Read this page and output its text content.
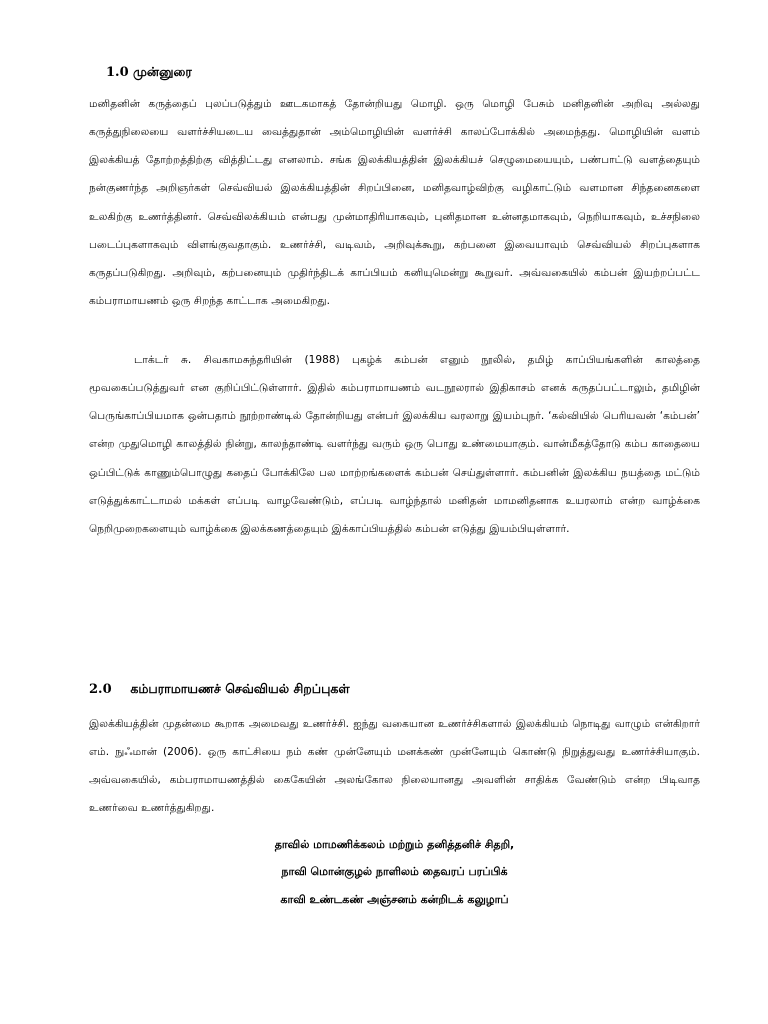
1.0 முன்னுரை

மனிதனின் கருத்தைப் புலப்படுத்தும் ஊடகமாகத் தோன்றியது மொழி. ஒரு மொழி பேசும் மனிதனின் அறிவு அல்லது கருத்துநிலையை வளர்ச்சியடைய வைத்துதான் அம்மொழியின் வளர்ச்சி காலப்போக்கில் அமைந்தது. மொழியின் வளம் இலக்கியத் தோற்றத்திற்கு வித்திட்டது எனலாம். சங்க இலக்கியத்தின் இலக்கியச் செழுமையையும், பண்பாட்டு வளத்தையும் நன்குணர்ந்த அறிஞர்கள் செவ்வியல் இலக்கியத்தின் சிறப்பினை, மனிதவாழ்விற்கு வழிகாட்டும் வளமான சிந்தனைகளை உலகிற்கு உணர்த்தினர். செவ்விலக்கியம் என்பது முன்மாதிரியாகவும், புனிதமான உன்னதமாகவும், நெறியாகவும், உச்சநிலை படைப்புகளாகவும் விளங்குவதாகும். உணர்ச்சி, வடிவம், அறிவுக்கூறு, கற்பனை இவையாவும் செவ்வியல் சிறப்புகளாக கருதப்படுகிறது. அறிவும், கற்பனையும் முதிர்ந்திடக் காப்பியம் கனியுமென்று கூறுவர். அவ்வகையில் கம்பன் இயற்றப்பட்ட கம்பராமாயணம் ஒரு சிறந்த காட்டாக அமைகிறது.

டாக்டர் சு. சிவகாமசுந்தரியின் (1988) புகழ்க் கம்பன் எனும் நூலில், தமிழ் காப்பியங்களின் காலத்தை மூவகைப்படுத்துவர் என குறிப்பிட்டுள்ளார். இதில் கம்பராமாயணம் வடநூலரால் இதிகாசம் எனக் கருதப்பட்டாலும், தமிழின் பெருங்காப்பியமாக ஒன்பதாம் நூற்றாண்டில் தோன்றியது என்பர் இலக்கிய வரலாறு இயம்புநர். ‘கல்வியில் பெரியவன் ‘கம்பன்’ என்ற முதுமொழி காலத்தில் நின்று, காலந்தாண்டி வளர்ந்து வரும் ஒரு பொது உண்மையாகும். வான்மீகத்தோடு கம்ப காதையை ஒப்பிட்டுக் காணும்பொழுது கதைப் போக்கிலே பல மாற்றங்களைக் கம்பன் செய்துள்ளார். கம்பனின் இலக்கிய நயத்தை மட்டும் எடுத்துக்காட்டாமல் மக்கள் எப்படி வாழவேண்டும், எப்படி வாழ்ந்தால் மனிதன் மாமனிதனாக உயரலாம் என்ற வாழ்க்கை நெறிமுறைகளையும் வாழ்க்கை இலக்கணத்தையும் இக்காப்பியத்தில் கம்பன் எடுத்து இயம்பியுள்ளார்.

2.0 கம்பராமாயணச் செவ்வியல் சிறப்புகள்

இலக்கியத்தின் முதன்மை கூறாக அமைவது உணர்ச்சி. ஐந்து வகையான உணர்ச்சிகளால் இலக்கியம் நொடிது வாழும் என்கிறார் எம். நுஃமான் (2006). ஒரு காட்சியை நம் கண் முன்னேயும் மனக்கண் முன்னேயும் கொண்டு நிறுத்துவது உணர்ச்சியாகும். அவ்வகையில், கம்பராமாயணத்தில் கைகேயின் அலங்கோல நிலையானது அவளின் சாதிக்க வேண்டும் என்ற பிடிவாத உணர்வை உணர்த்துகிறது.

தாவில் மாமணிக்கலம் மற்றும் தனித்தனிச் சிதறி,
நாவி மொன்குழல் நாளிலம் தைவரப் பரப்பிக்
காவி உண்டகண் அஞ்சனம் கன்றிடக் கலுழாப்
